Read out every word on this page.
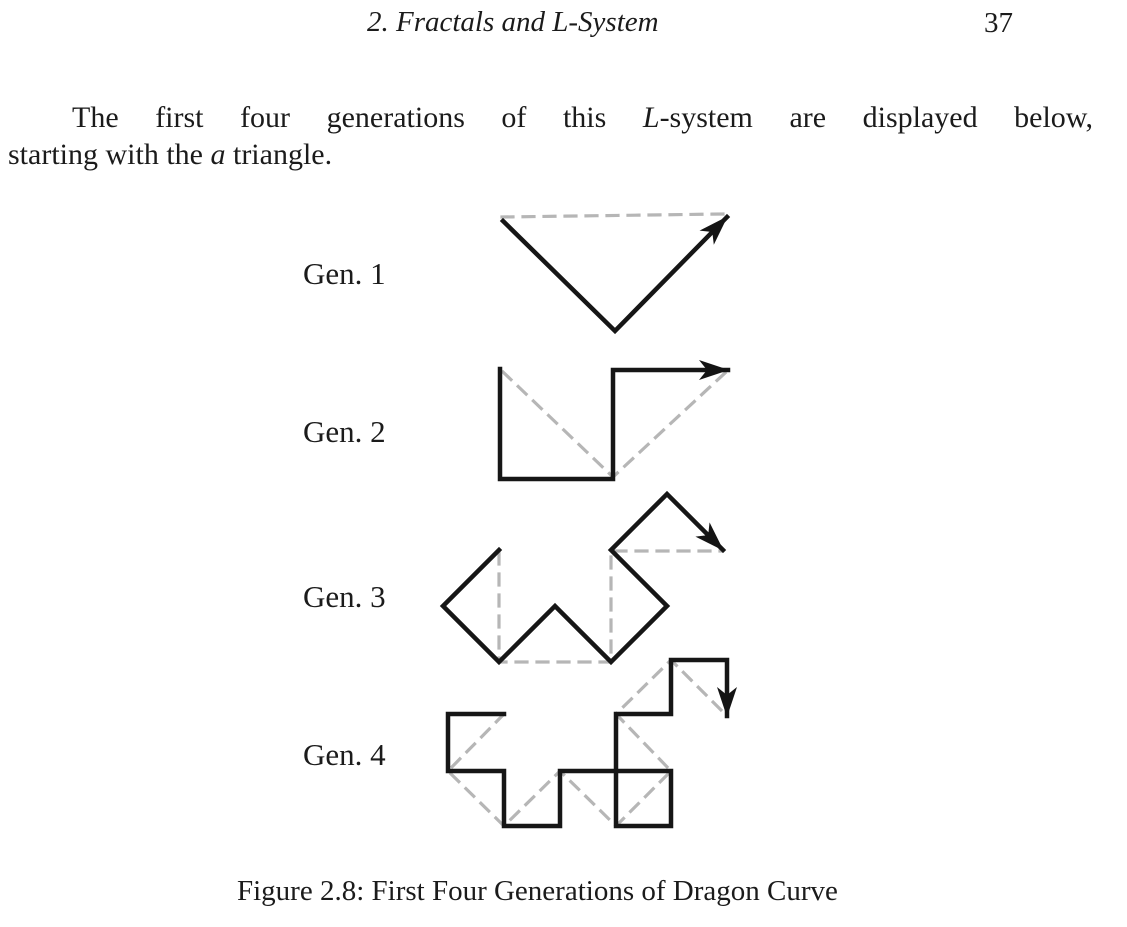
2. Fractals and L-System	37
The first four generations of this L-system are displayed below,
starting with the a triangle.
Gen. 1
Gen. 2
Gen. 3
Gen. 4
Figure 2.8: First Four Generations of Dragon Curve
